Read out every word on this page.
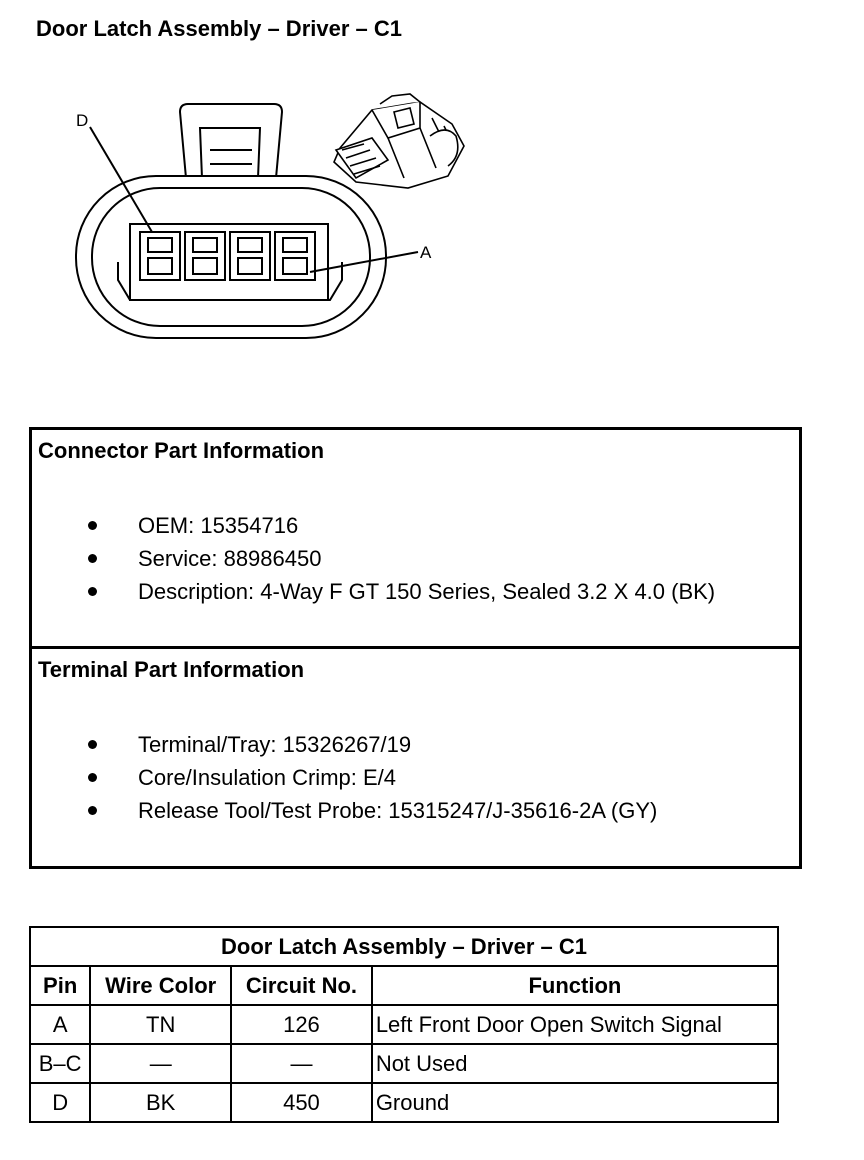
Door Latch Assembly – Driver – C1
D
A
Connector Part Information
OEM: 15354716
Service: 88986450
Description: 4-Way F GT 150 Series, Sealed 3.2 X 4.0 (BK)
Terminal Part Information
Terminal/Tray: 15326267/19
Core/Insulation Crimp: E/4
Release Tool/Test Probe: 15315247/J-35616-2A (GY)
Door Latch Assembly – Driver – C1			
Pin	Wire Color	Circuit No.	Function
A	TN	126	Left Front Door Open Switch Signal
B–C	—	—	Not Used
D	BK	450	Ground
